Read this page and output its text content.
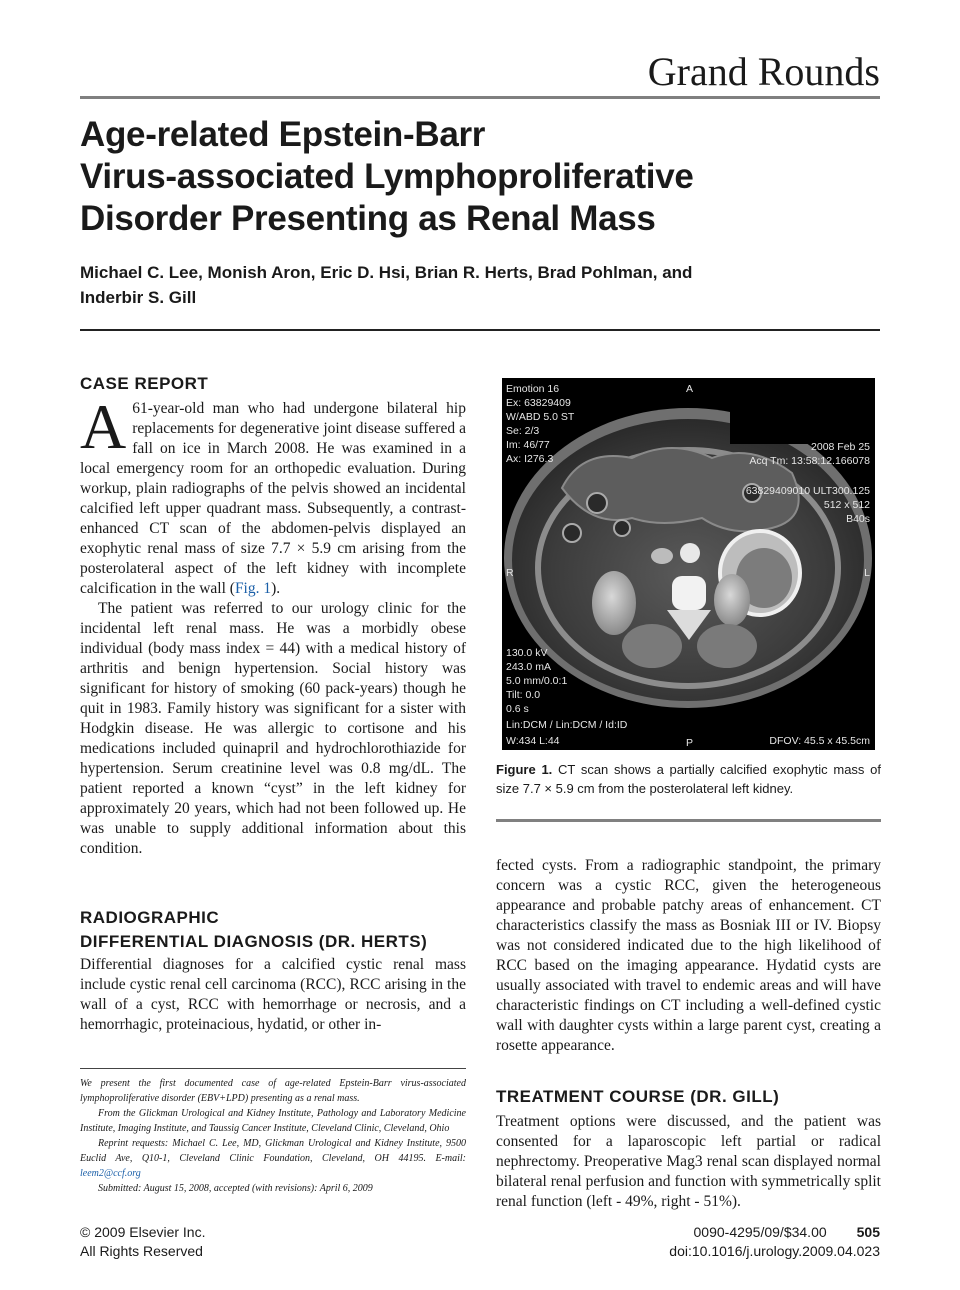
Grand Rounds
Age-related Epstein-Barr
Virus-associated Lymphoproliferative
Disorder Presenting as Renal Mass
Michael C. Lee, Monish Aron, Eric D. Hsi, Brian R. Herts, Brad Pohlman, and
Inderbir S. Gill
CASE REPORT

A 61-year-old man who had undergone bilateral hip replacements for degenerative joint disease suffered a fall on ice in March 2008. He was examined in a local emergency room for an orthopedic evaluation. During workup, plain radiographs of the pelvis showed an incidental calcified left upper quadrant mass. Subsequently, a contrast-enhanced CT scan of the abdomen-pelvis displayed an exophytic renal mass of size 7.7 × 5.9 cm arising from the posterolateral aspect of the left kidney with incomplete calcification in the wall (Fig. 1).

The patient was referred to our urology clinic for the incidental left renal mass. He was a morbidly obese individual (body mass index = 44) with a medical history of arthritis and benign hypertension. Social history was significant for history of smoking (60 pack-years) though he quit in 1983. Family history was significant for a sister with Hodgkin disease. He was allergic to cortisone and his medications included quinapril and hydrochlorothiazide for hypertension. Serum creatinine level was 0.8 mg/dL. The patient reported a known “cyst” in the left kidney for approximately 20 years, which had not been followed up. He was unable to supply additional information about this condition.

RADIOGRAPHIC
DIFFERENTIAL DIAGNOSIS (DR. HERTS)
Differential diagnoses for a calcified cystic renal mass include cystic renal cell carcinoma (RCC), RCC arising in the wall of a cyst, RCC with hemorrhage or necrosis, and a hemorrhagic, proteinacious, hydatid, or other in-

We present the first documented case of age-related Epstein-Barr virus-associated lymphoproliferative disorder (EBV+LPD) presenting as a renal mass.

From the Glickman Urological and Kidney Institute, Pathology and Laboratory Medicine Institute, Imaging Institute, and Taussig Cancer Institute, Cleveland Clinic, Cleveland, Ohio

Reprint requests: Michael C. Lee, MD, Glickman Urological and Kidney Institute, 9500 Euclid Ave, Q10-1, Cleveland Clinic Foundation, Cleveland, OH 44195. E-mail: leem2@ccf.org

Submitted: August 15, 2008, accepted (with revisions): April 6, 2009

Emotion 16
Ex: 63829409
W/ABD 5.0 ST
Se: 2/3
Im: 46/77
Ax: I276.3
A
2008 Feb 25
Acq Tm: 13:58:12.166078
63829409010 ULT300.125
512 x 512
B40s
R	L
130.0 kV
243.0 mA
5.0 mm/0.0:1
Tilt: 0.0
0.6 s
Lin:DCM / Lin:DCM / Id:ID
W:434 L:44	P	DFOV: 45.5 x 45.5cm
Figure 1. CT scan shows a partially calcified exophytic mass of size 7.7 × 5.9 cm from the posterolateral left kidney.
fected cysts. From a radiographic standpoint, the primary concern was a cystic RCC, given the heterogeneous appearance and probable patchy areas of enhancement. CT characteristics classify the mass as Bosniak III or IV. Biopsy was not considered indicated due to the high likelihood of RCC based on the imaging appearance. Hydatid cysts are usually associated with travel to endemic areas and will have characteristic findings on CT including a well-defined cystic wall with daughter cysts within a large parent cyst, creating a rosette appearance.
TREATMENT COURSE (DR. GILL)
Treatment options were discussed, and the patient was consented for a laparoscopic left partial or radical nephrectomy. Preoperative Mag3 renal scan displayed normal bilateral renal perfusion and function with symmetrically split renal function (left - 49%, right - 51%).
© 2009 Elsevier Inc.
All Rights Reserved
0090-4295/09/$34.00 505
doi:10.1016/j.urology.2009.04.023
